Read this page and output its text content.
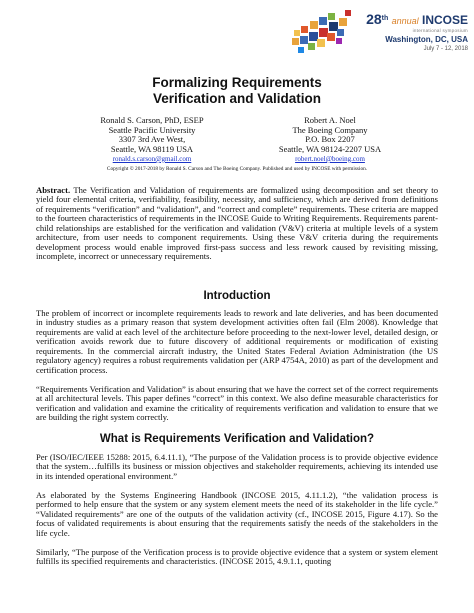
28th annual INCOSE
international symposium
Washington, DC, USA
July 7 - 12, 2018
Formalizing Requirements
Verification and Validation
Ronald S. Carson, PhD, ESEP
Seattle Pacific University
3307 3rd Ave West,
Seattle, WA 98119 USA
ronald.s.carson@gmail.com
Robert A. Noel
The Boeing Company
P.O. Box 2207
Seattle, WA 98124-2207 USA
robert.noel@boeing.com
Copyright © 2017-2018 by Ronald S. Carson and The Boeing Company. Published and used by INCOSE with permission.
Abstract. The Verification and Validation of requirements are formalized using decomposition and set theory to yield four elemental criteria, verifiability, feasibility, necessity, and sufficiency, which are derived from definitions of requirements “verification” and “validation”, and “correct and complete” requirements. These criteria are mapped to the fourteen characteristics of requirements in the INCOSE Guide to Writing Requirements. Requirements parent-child relationships are established for the verification and validation (V&V) criteria at multiple levels of a system architecture, from user needs to component requirements. Using these V&V criteria during the requirements development process would enable improved first-pass success and less rework caused by revisiting missing, incomplete, incorrect or unnecessary requirements.
Introduction
The problem of incorrect or incomplete requirements leads to rework and late deliveries, and has been documented in industry studies as a primary reason that system development activities often fail (Elm 2008). Knowledge that requirements are valid at each level of the architecture before proceeding to the next-lower level, detailed design, or verification avoids rework due to future discovery of additional requirements or modification of existing requirements. In the commercial aircraft industry, the United States Federal Aviation Administration (the US regulatory agency) requires a robust requirements validation per (ARP 4754A, 2010) as part of the development and certification process.
“Requirements Verification and Validation” is about ensuring that we have the correct set of the correct requirements at all architectural levels. This paper defines “correct” in this context. We also define measurable characteristics for verification and validation and examine the criticality of requirements verification and validation to ensure that we are building the right system correctly.
What is Requirements Verification and Validation?
Per (ISO/IEC/IEEE 15288: 2015, 6.4.11.1), “The purpose of the Validation process is to provide objective evidence that the system…fulfills its business or mission objectives and stakeholder requirements, achieving its intended use in its intended operational environment.”
As elaborated by the Systems Engineering Handbook (INCOSE 2015, 4.11.1.2), “the validation process is performed to help ensure that the system or any system element meets the need of its stakeholder in the life cycle.” “Validated requirements” are one of the outputs of the validation activity (cf., INCOSE 2015, Figure 4.17). So the focus of validated requirements is about ensuring that the requirements satisfy the needs of the stakeholders in the life cycle.
Similarly, “The purpose of the Verification process is to provide objective evidence that a system or system element fulfills its specified requirements and characteristics. (INCOSE 2015, 4.9.1.1, quoting
